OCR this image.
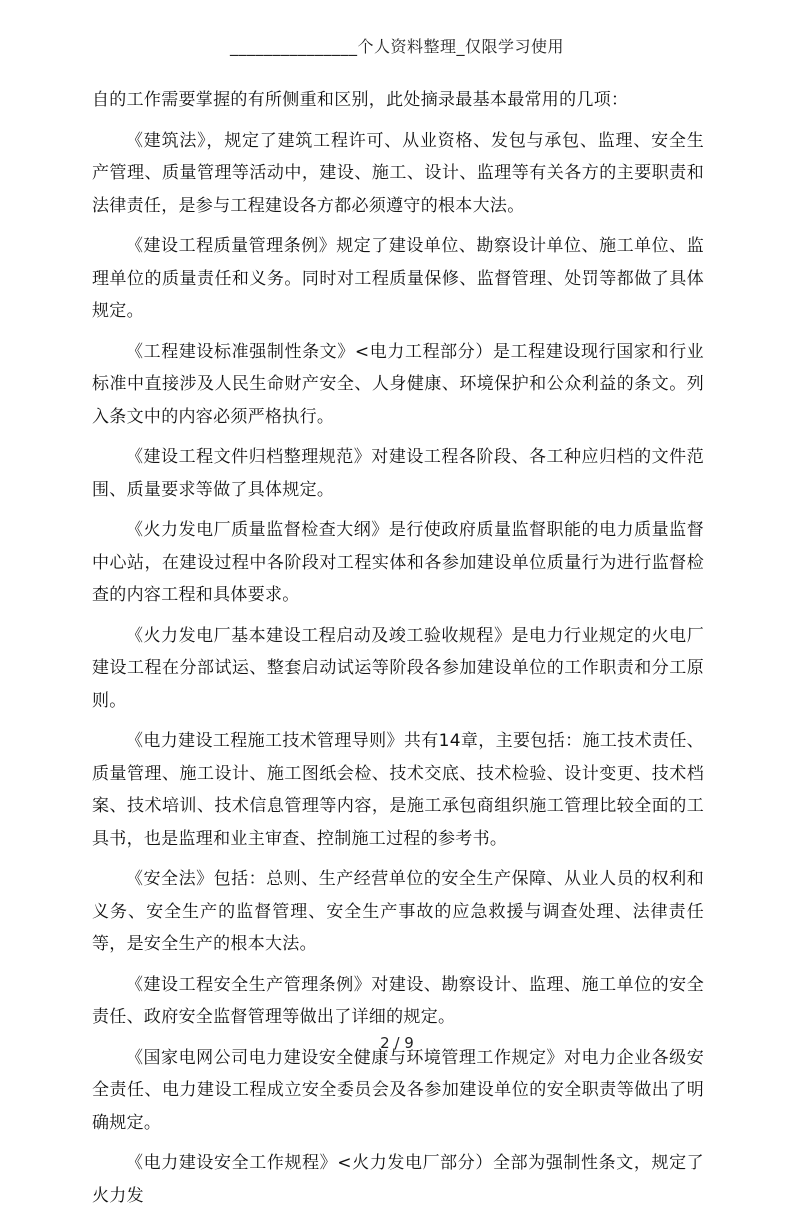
_______________个人资料整理_仅限学习使用

自的工作需要掌握的有所侧重和区别，此处摘录最基本最常用的几项：

《建筑法》，规定了建筑工程许可、从业资格、发包与承包、监理、安全生产管理、质量管理等活动中，建设、施工、设计、监理等有关各方的主要职责和法律责任，是参与工程建设各方都必须遵守的根本大法。

《建设工程质量管理条例》规定了建设单位、勘察设计单位、施工单位、监理单位的质量责任和义务。同时对工程质量保修、监督管理、处罚等都做了具体规定。

《工程建设标准强制性条文》<电力工程部分）是工程建设现行国家和行业标准中直接涉及人民生命财产安全、人身健康、环境保护和公众利益的条文。列入条文中的内容必须严格执行。

《建设工程文件归档整理规范》对建设工程各阶段、各工种应归档的文件范围、质量要求等做了具体规定。

《火力发电厂质量监督检查大纲》是行使政府质量监督职能的电力质量监督中心站，在建设过程中各阶段对工程实体和各参加建设单位质量行为进行监督检查的内容工程和具体要求。

《火力发电厂基本建设工程启动及竣工验收规程》是电力行业规定的火电厂建设工程在分部试运、整套启动试运等阶段各参加建设单位的工作职责和分工原则。

《电力建设工程施工技术管理导则》共有14章，主要包括：施工技术责任、质量管理、施工设计、施工图纸会检、技术交底、技术检验、设计变更、技术档案、技术培训、技术信息管理等内容，是施工承包商组织施工管理比较全面的工具书，也是监理和业主审查、控制施工过程的参考书。

《安全法》包括：总则、生产经营单位的安全生产保障、从业人员的权利和义务、安全生产的监督管理、安全生产事故的应急救援与调查处理、法律责任等，是安全生产的根本大法。

《建设工程安全生产管理条例》对建设、勘察设计、监理、施工单位的安全责任、政府安全监督管理等做出了详细的规定。

《国家电网公司电力建设安全健康与环境管理工作规定》对电力企业各级安全责任、电力建设工程成立安全委员会及各参加建设单位的安全职责等做出了明确规定。

《电力建设安全工作规程》<火力发电厂部分）全部为强制性条文，规定了火力发

2 / 9
